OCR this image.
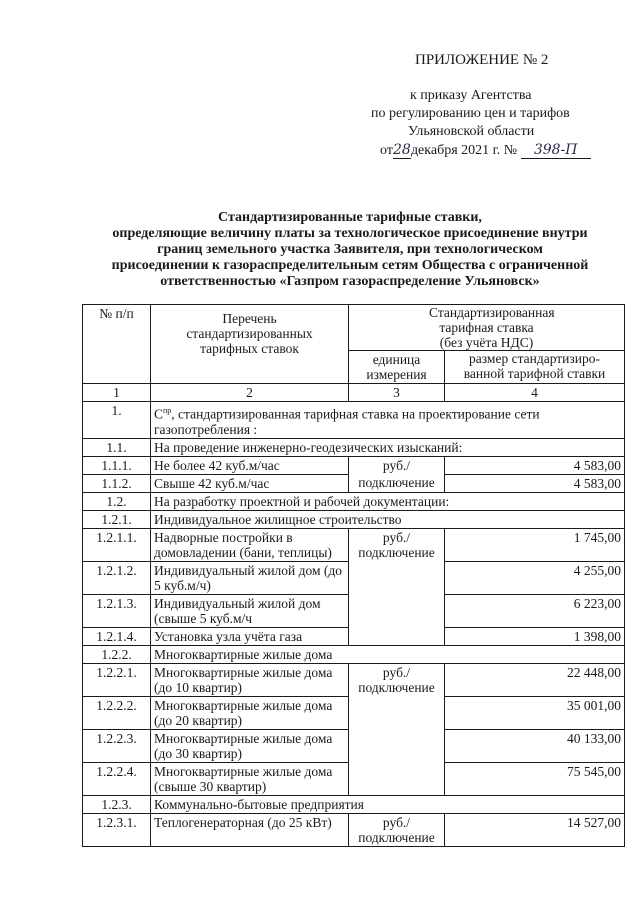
ПРИЛОЖЕНИЕ № 2
к приказу Агентства
по регулированию цен и тарифов
Ульяновской области
от28декабря 2021 г. № 398-П
Стандартизированные тарифные ставки,
определяющие величину платы за технологическое присоединение внутри
границ земельного участка Заявителя, при технологическом
присоединении к газораспределительным сетям Общества с ограниченной
ответственностью «Газпром газораспределение Ульяновск»
№ п/п	Перечень стандартизированных тарифных ставок	Стандартизированная тарифная ставка (без учёта НДС)	
		единица измерения	размер стандартизиро-ванной тарифной ставки
1	2	3	4
1.	$С^{пр}$, стандартизированная тарифная ставка на проектирование сети газопотребления :		
1.1.	На проведение инженерно-геодезических изысканий:		
1.1.1.	Не более 42 куб.м/час	руб./	4 583,00
1.1.2.	Свыше 42 куб.м/час	подключение	4 583,00
1.2.	На разработку проектной и рабочей документации:		
1.2.1.	Индивидуальное жилищное строительство		
1.2.1.1.	Надворные постройки в домовладении (бани, теплицы)	руб./ подключение	1 745,00
1.2.1.2.	Индивидуальный жилой дом (до 5 куб.м/ч)		4 255,00
1.2.1.3.	Индивидуальный жилой дом (свыше 5 куб.м/ч		6 223,00
1.2.1.4.	Установка узла учёта газа		1 398,00
1.2.2.	Многоквартирные жилые дома		
1.2.2.1.	Многоквартирные жилые дома (до 10 квартир)	руб./ подключение	22 448,00
1.2.2.2.	Многоквартирные жилые дома (до 20 квартир)		35 001,00
1.2.2.3.	Многоквартирные жилые дома (до 30 квартир)		40 133,00
1.2.2.4.	Многоквартирные жилые дома (свыше 30 квартир)		75 545,00
1.2.3.	Коммунально-бытовые предприятия		
1.2.3.1.	Теплогенераторная (до 25 кВт)	руб./ подключение	14 527,00
